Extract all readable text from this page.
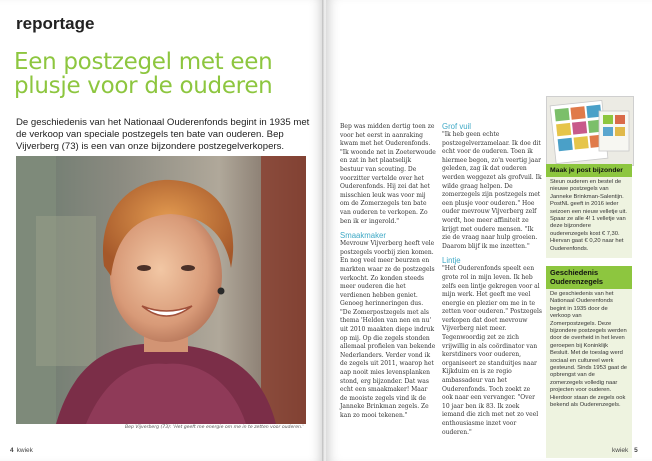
reportage
Een postzegel met een plusje voor de ouderen
De geschiedenis van het Nationaal Ouderenfonds begint in 1935 met de verkoop van speciale postzegels ten bate van ouderen. Bep Vijverberg (73) is een van onze bijzondere postzegelverkopers.
Bep Vijverberg (73): 'Het geeft me energie om me in te zetten voor ouderen.'
4 kwiek

Bep was midden dertig toen ze voor het eerst in aanraking kwam met het Ouderenfonds. "Ik woonde net in Zoeterwoude en zat in het plaatselijk bestuur van scouting. De voorzitter vertelde over het Ouderenfonds. Hij zei dat het misschien leuk was voor mij om de Zomerzegels ten bate van ouderen te verkopen. Zo ben ik er ingerold."

Smaakmaker

Mevrouw Vijverberg heeft vele postzegels voorbij zien komen. En nog veel meer beurzen en markten waar ze de postzegels verkocht. Zo konden steeds meer ouderen die het verdienen hebben geniet. Genoeg herinneringen dus. "De Zomerpostzegels met als thema 'Helden van nen en nu' uit 2010 maakten diepe indruk op mij. Op die zegels stonden allemaal profielen van bekende Nederlanders. Verder vond ik de zegels uit 2011, waarop het aap nooit mies levensplanken stond, erg bijzonder. Dat was echt een smaakmaker! Maar de mooiste zegels vind ik de Janneke Brinkman zegels. Ze kan zo mooi tekenen."

Grof vuil

"Ik heb geen echte postzegelverzamelaar. Ik doe dit echt voor de ouderen. Toen ik hiermee begon, zo'n veertig jaar geleden, zag ik dat ouderen werden weggezet als grofvuil. Ik wilde graag helpen. De zomerzegels zijn postzegels met een plusje voor ouderen." Hoe ouder mevrouw Vijverberg zelf wordt, hoe meer affiniteit ze krijgt met oudere mensen. "Ik zie de vraag naar hulp groeien. Daarom blijf ik me inzetten."

Lintje

"Het Ouderenfonds speelt een grote rol in mijn leven. Ik heb zelfs een lintje gekregen voor al mijn werk. Het geeft me veel energie en plezier om me in te zetten voor ouderen." Postzegels verkopen dat doet mevrouw Vijverberg niet meer. Tegenwoordig zet ze zich vrijwillig in als coördinator van kerstdiners voor ouderen, organiseert ze standuitjes naar Kijkduim en is ze regio ambassadeur van het Ouderenfonds. Toch zoekt ze ook naar een vervanger. "Over 10 jaar ben ik 83. Ik zoek iemand die zich met net zo veel enthousiasme inzet voor ouderen."

Maak je post bijzonder
Steun ouderen en bestel de nieuwe postzegels van Janneke Brinkman-Salentijn. PostNL geeft in 2016 ieder seizoen een nieuw velletje uit. Spaar ze alle 4! 1 velletje van deze bijzondere ouderenzegels kost € 7,30. Hiervan gaat € 0,20 naar het Ouderenfonds.
Geschiedenis Ouderenzegels
De geschiedenis van het Nationaal Ouderenfonds begint in 1935 door de verkoop van Zomerpostzegels. Deze bijzondere postzegels werden door de overheid in het leven geroepen bij Koninklijk Besluit. Met de toeslag werd sociaal en cultureel werk gesteund. Sinds 1953 gaat de opbrengst van de zomerzegels volledig naar projecten voor ouderen. Hierdoor staan de zegels ook bekend als Ouderenzegels.
kwiek 5
